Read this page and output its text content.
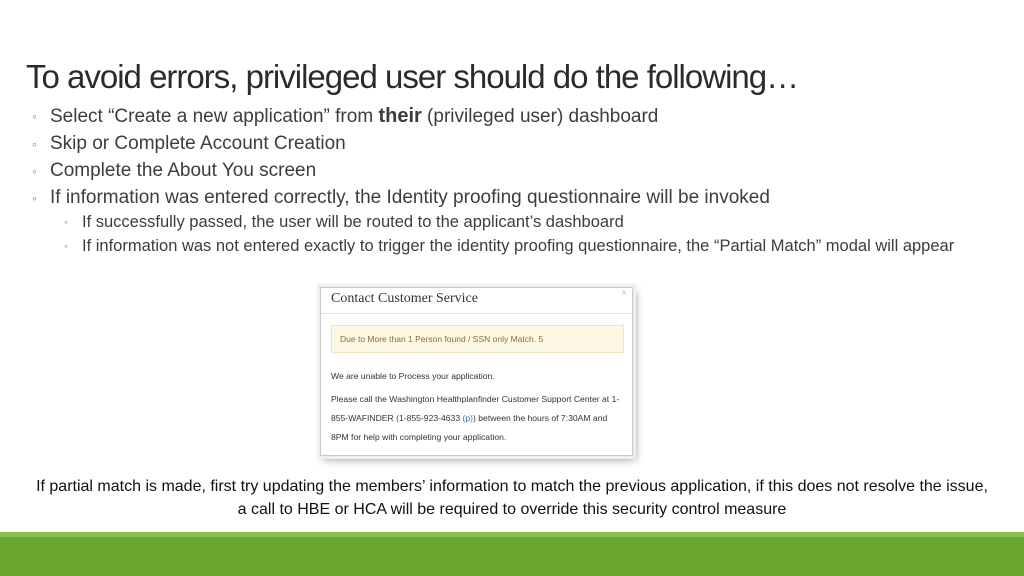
To avoid errors, privileged user should do the following…
◦ Select “Create a new application” from their (privileged user) dashboard
◦ Skip or Complete Account Creation
◦ Complete the About You screen
◦ If information was entered correctly, the Identity proofing questionnaire will be invoked
◦ If successfully passed, the user will be routed to the applicant’s dashboard
◦ If information was not entered exactly to trigger the identity proofing questionnaire, the “Partial Match” modal will appear
Contact Customer Service	×
Due to More than 1 Person found / SSN only Match. 5
We are unable to Process your application.
Please call the Washington Healthplanfinder Customer Support Center at 1-855-WAFINDER (1-855-923-4633 (p)) between the hours of 7:30AM and 8PM for help with completing your application.
If partial match is made, first try updating the members’ information to match the previous application, if this does not resolve the issue, a call to HBE or HCA will be required to override this security control measure
